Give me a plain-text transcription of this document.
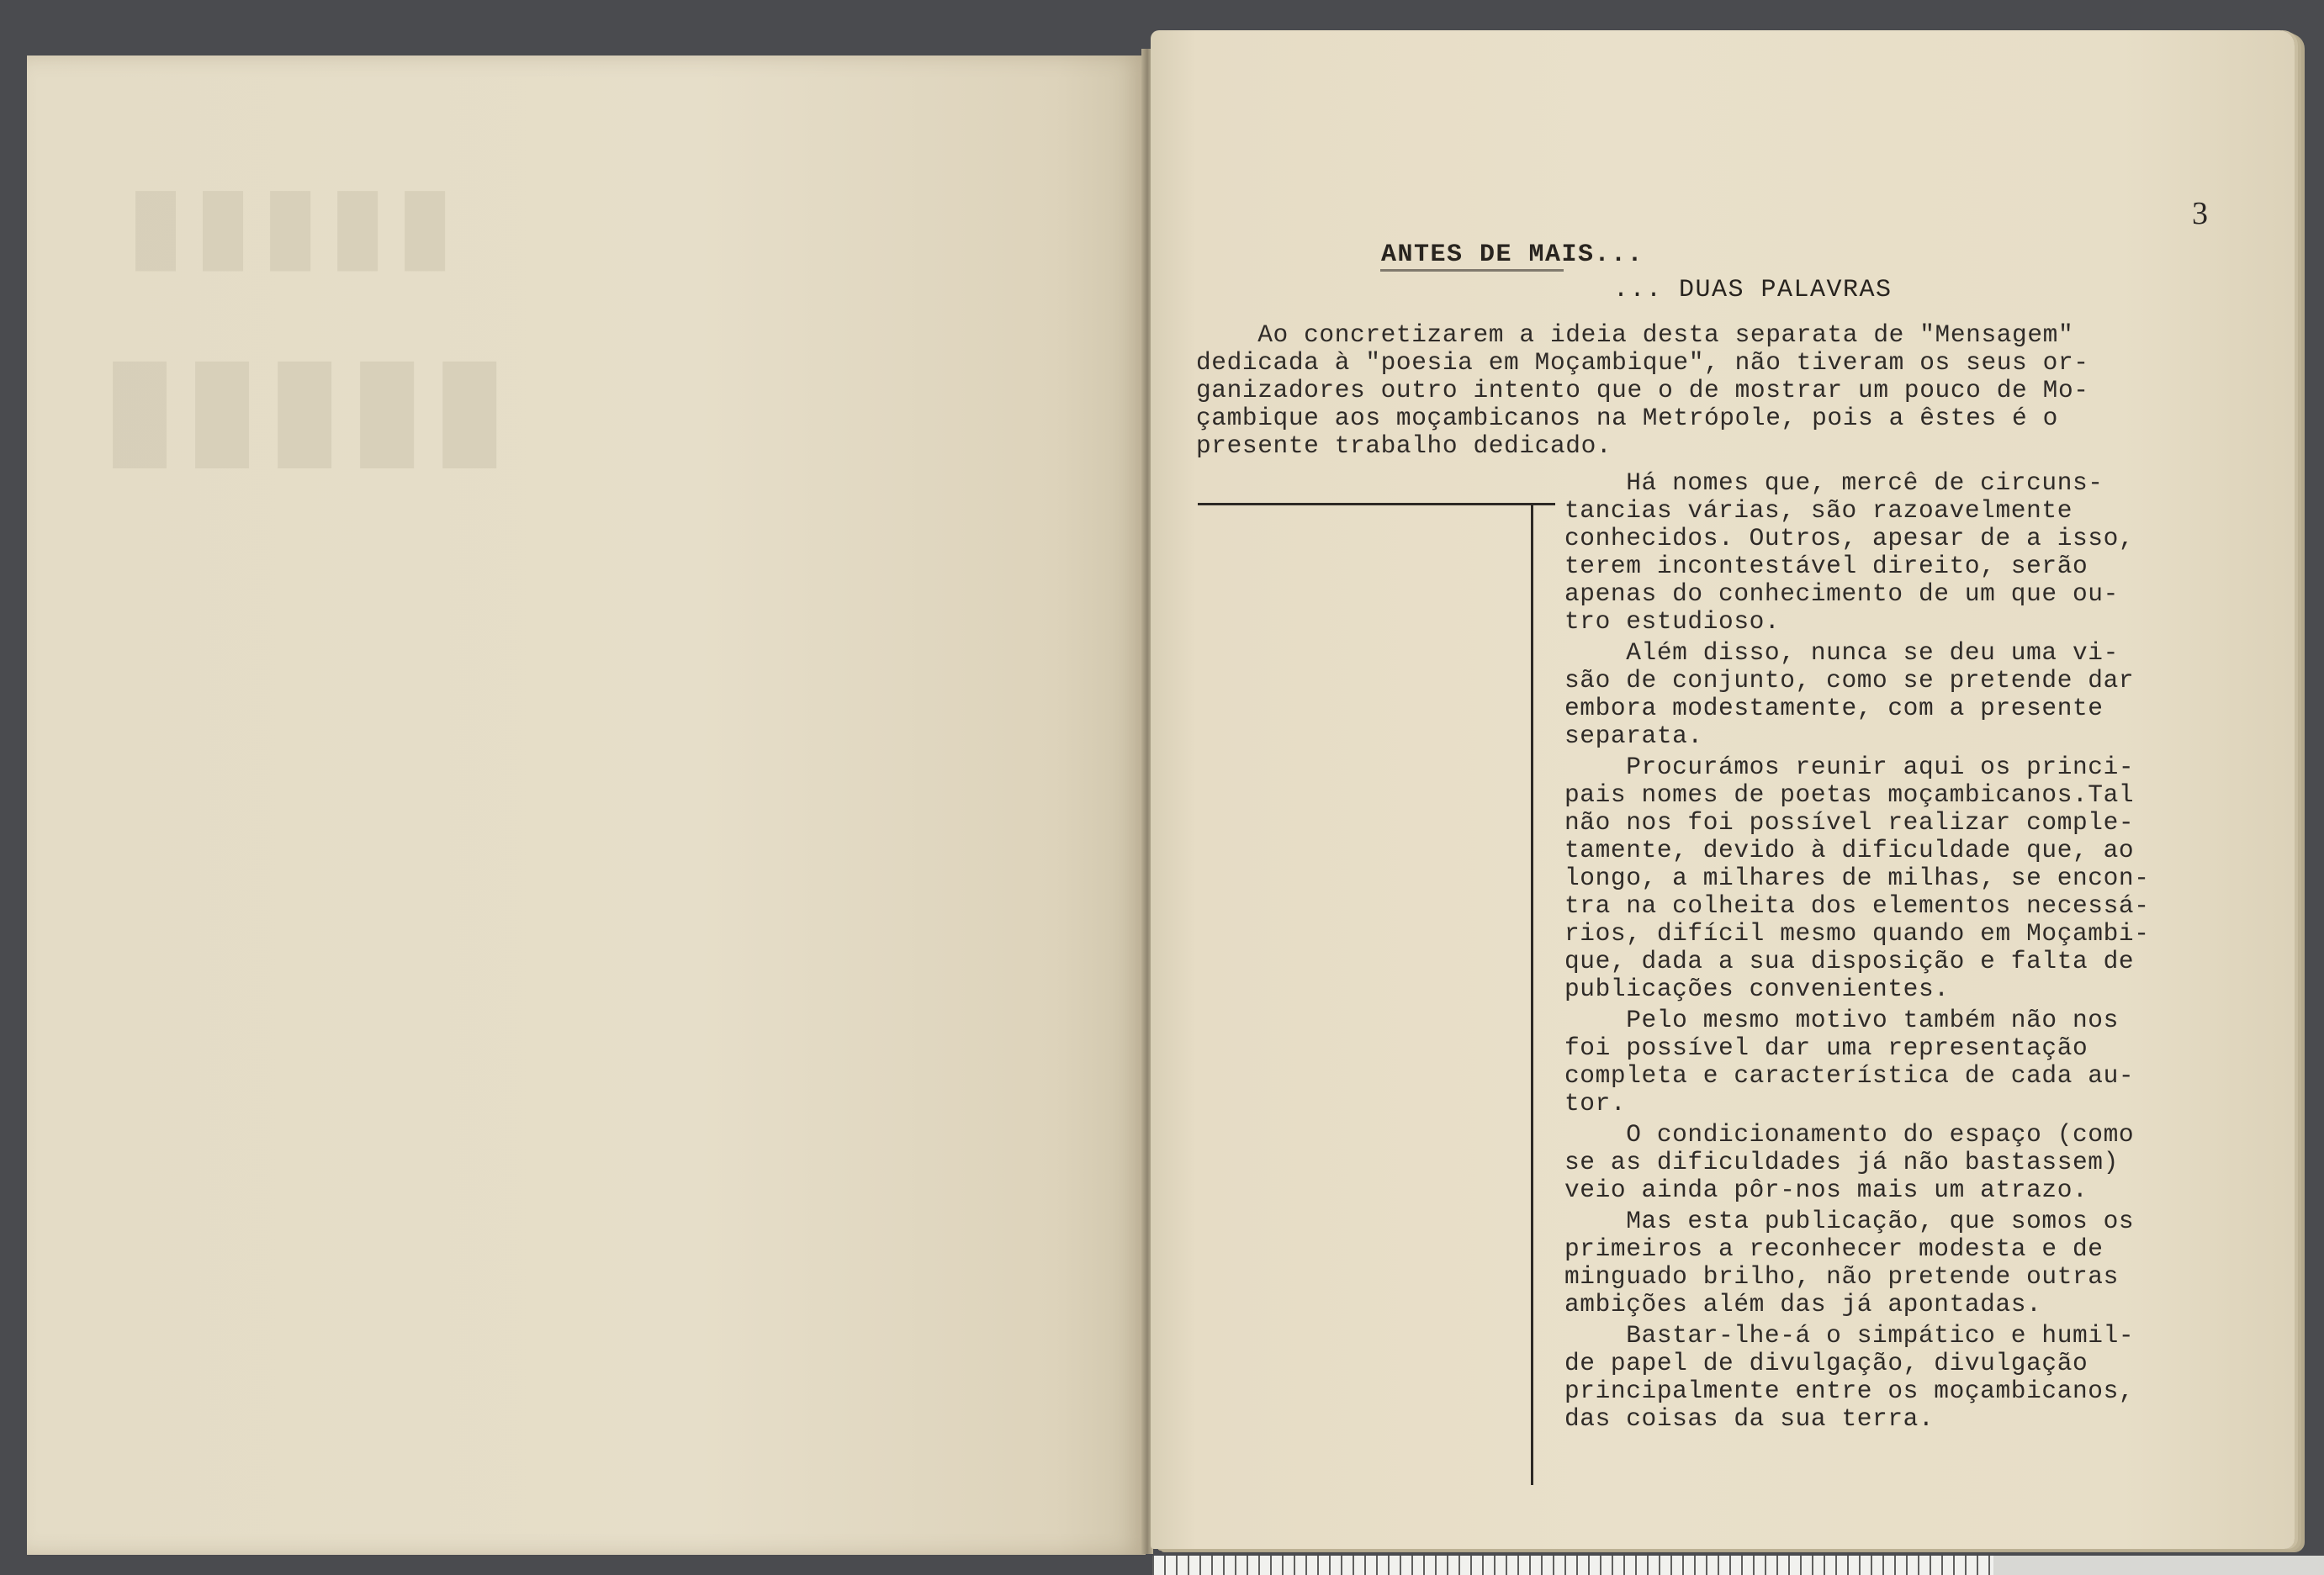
▮▮▮▮▮
▮▮▮▮▮
3
ANTES DE MAIS...
... DUAS PALAVRAS
Ao concretizarem a ideia desta separata de "Mensagem"
dedicada à "poesia em Moçambique", não tiveram os seus or-
ganizadores outro intento que o de mostrar um pouco de Mo-
çambique aos moçambicanos na Metrópole, pois a êstes é o
presente trabalho dedicado.
Há nomes que, mercê de circuns-
tancias várias, são razoavelmente
conhecidos. Outros, apesar de a isso,
terem incontestável direito, serão
apenas do conhecimento de um que ou-
tro estudioso.
Além disso, nunca se deu uma vi-
são de conjunto, como se pretende dar
embora modestamente, com a presente
separata.
Procurámos reunir aqui os princi-
pais nomes de poetas moçambicanos.Tal
não nos foi possível realizar comple-
tamente, devido à dificuldade que, ao
longo, a milhares de milhas, se encon-
tra na colheita dos elementos necessá-
rios, difícil mesmo quando em Moçambi-
que, dada a sua disposição e falta de
publicações convenientes.
Pelo mesmo motivo também não nos
foi possível dar uma representação
completa e característica de cada au-
tor.
O condicionamento do espaço (como
se as dificuldades já não bastassem)
veio ainda pôr-nos mais um atrazo.
Mas esta publicação, que somos os
primeiros a reconhecer modesta e de
minguado brilho, não pretende outras
ambições além das já apontadas.
Bastar-lhe-á o simpático e humil-
de papel de divulgação, divulgação
principalmente entre os moçambicanos,
das coisas da sua terra.
